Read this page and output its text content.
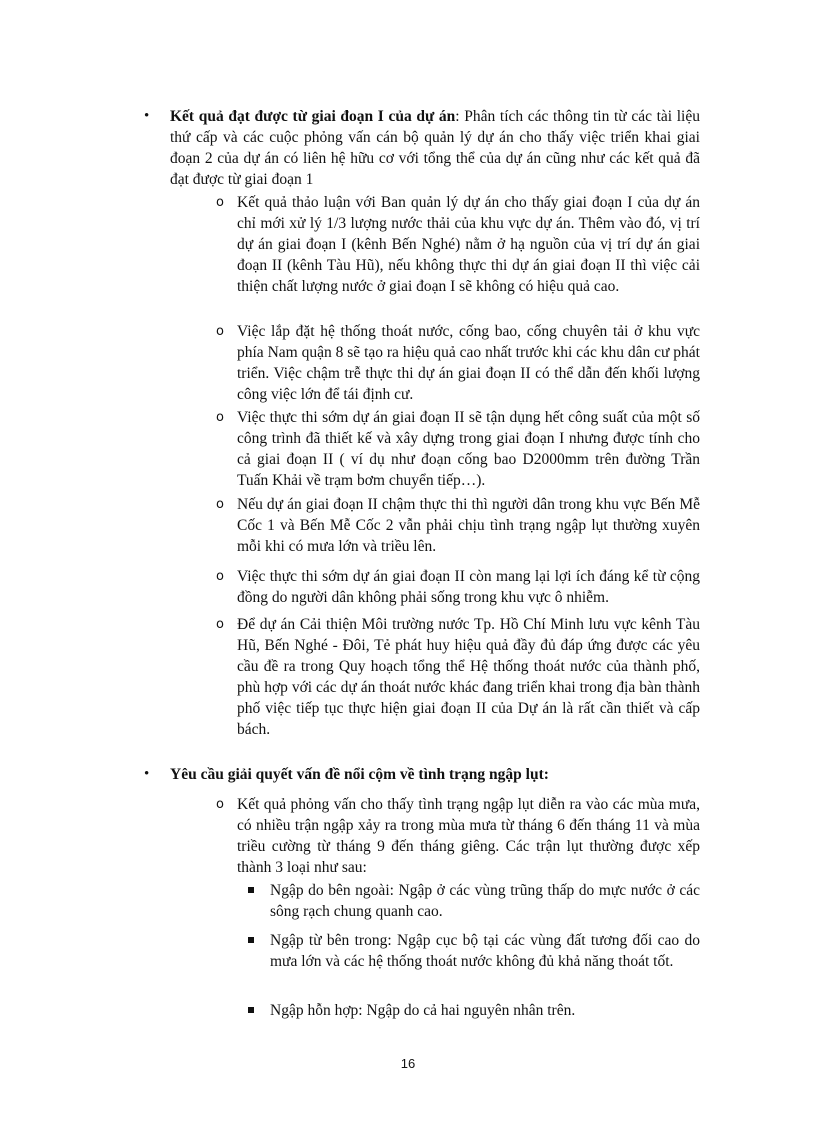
• Kết quả đạt được từ giai đoạn I của dự án: Phân tích các thông tin từ các tài liệu thứ cấp và các cuộc phỏng vấn cán bộ quản lý dự án cho thấy việc triển khai giai đoạn 2 của dự án có liên hệ hữu cơ với tổng thể của dự án cũng như các kết quả đã đạt được từ giai đoạn 1
o Kết quả thảo luận với Ban quản lý dự án cho thấy giai đoạn I của dự án chỉ mới xử lý 1/3 lượng nước thải của khu vực dự án. Thêm vào đó, vị trí dự án giai đoạn I (kênh Bến Nghé) nằm ở hạ nguồn của vị trí dự án giai đoạn II (kênh Tàu Hũ), nếu không thực thi dự án giai đoạn II thì việc cải thiện chất lượng nước ở giai đoạn I sẽ không có hiệu quả cao.
o Việc lắp đặt hệ thống thoát nước, cống bao, cống chuyên tải ở khu vực phía Nam quận 8 sẽ tạo ra hiệu quả cao nhất trước khi các khu dân cư phát triển. Việc chậm trễ thực thi dự án giai đoạn II có thể dẫn đến khối lượng công việc lớn để tái định cư.
o Việc thực thi sớm dự án giai đoạn II sẽ tận dụng hết công suất của một số công trình đã thiết kế và xây dựng trong giai đoạn I nhưng được tính cho cả giai đoạn II ( ví dụ như đoạn cống bao D2000mm trên đường Trần Tuấn Khải về trạm bơm chuyển tiếp…).
o Nếu dự án giai đoạn II chậm thực thi thì người dân trong khu vực Bến Mễ Cốc 1 và Bến Mễ Cốc 2 vẫn phải chịu tình trạng ngập lụt thường xuyên mỗi khi có mưa lớn và triều lên.
o Việc thực thi sớm dự án giai đoạn II còn mang lại lợi ích đáng kể từ cộng đồng do người dân không phải sống trong khu vực ô nhiễm.
o Để dự án Cải thiện Môi trường nước Tp. Hồ Chí Minh lưu vực kênh Tàu Hũ, Bến Nghé - Đôi, Tẻ phát huy hiệu quả đầy đủ đáp ứng được các yêu cầu đề ra trong Quy hoạch tổng thể Hệ thống thoát nước của thành phố, phù hợp với các dự án thoát nước khác đang triển khai trong địa bàn thành phố việc tiếp tục thực hiện giai đoạn II của Dự án là rất cần thiết và cấp bách.
• Yêu cầu giải quyết vấn đề nổi cộm về tình trạng ngập lụt:
o Kết quả phỏng vấn cho thấy tình trạng ngập lụt diễn ra vào các mùa mưa, có nhiều trận ngập xảy ra trong mùa mưa từ tháng 6 đến tháng 11 và mùa triều cường từ tháng 9 đến tháng giêng. Các trận lụt thường được xếp thành 3 loại như sau:
Ngập do bên ngoài: Ngập ở các vùng trũng thấp do mực nước ở các sông rạch chung quanh cao.
Ngập từ bên trong: Ngập cục bộ tại các vùng đất tương đối cao do mưa lớn và các hệ thống thoát nước không đủ khả năng thoát tốt.
Ngập hỗn hợp: Ngập do cả hai nguyên nhân trên.
16
